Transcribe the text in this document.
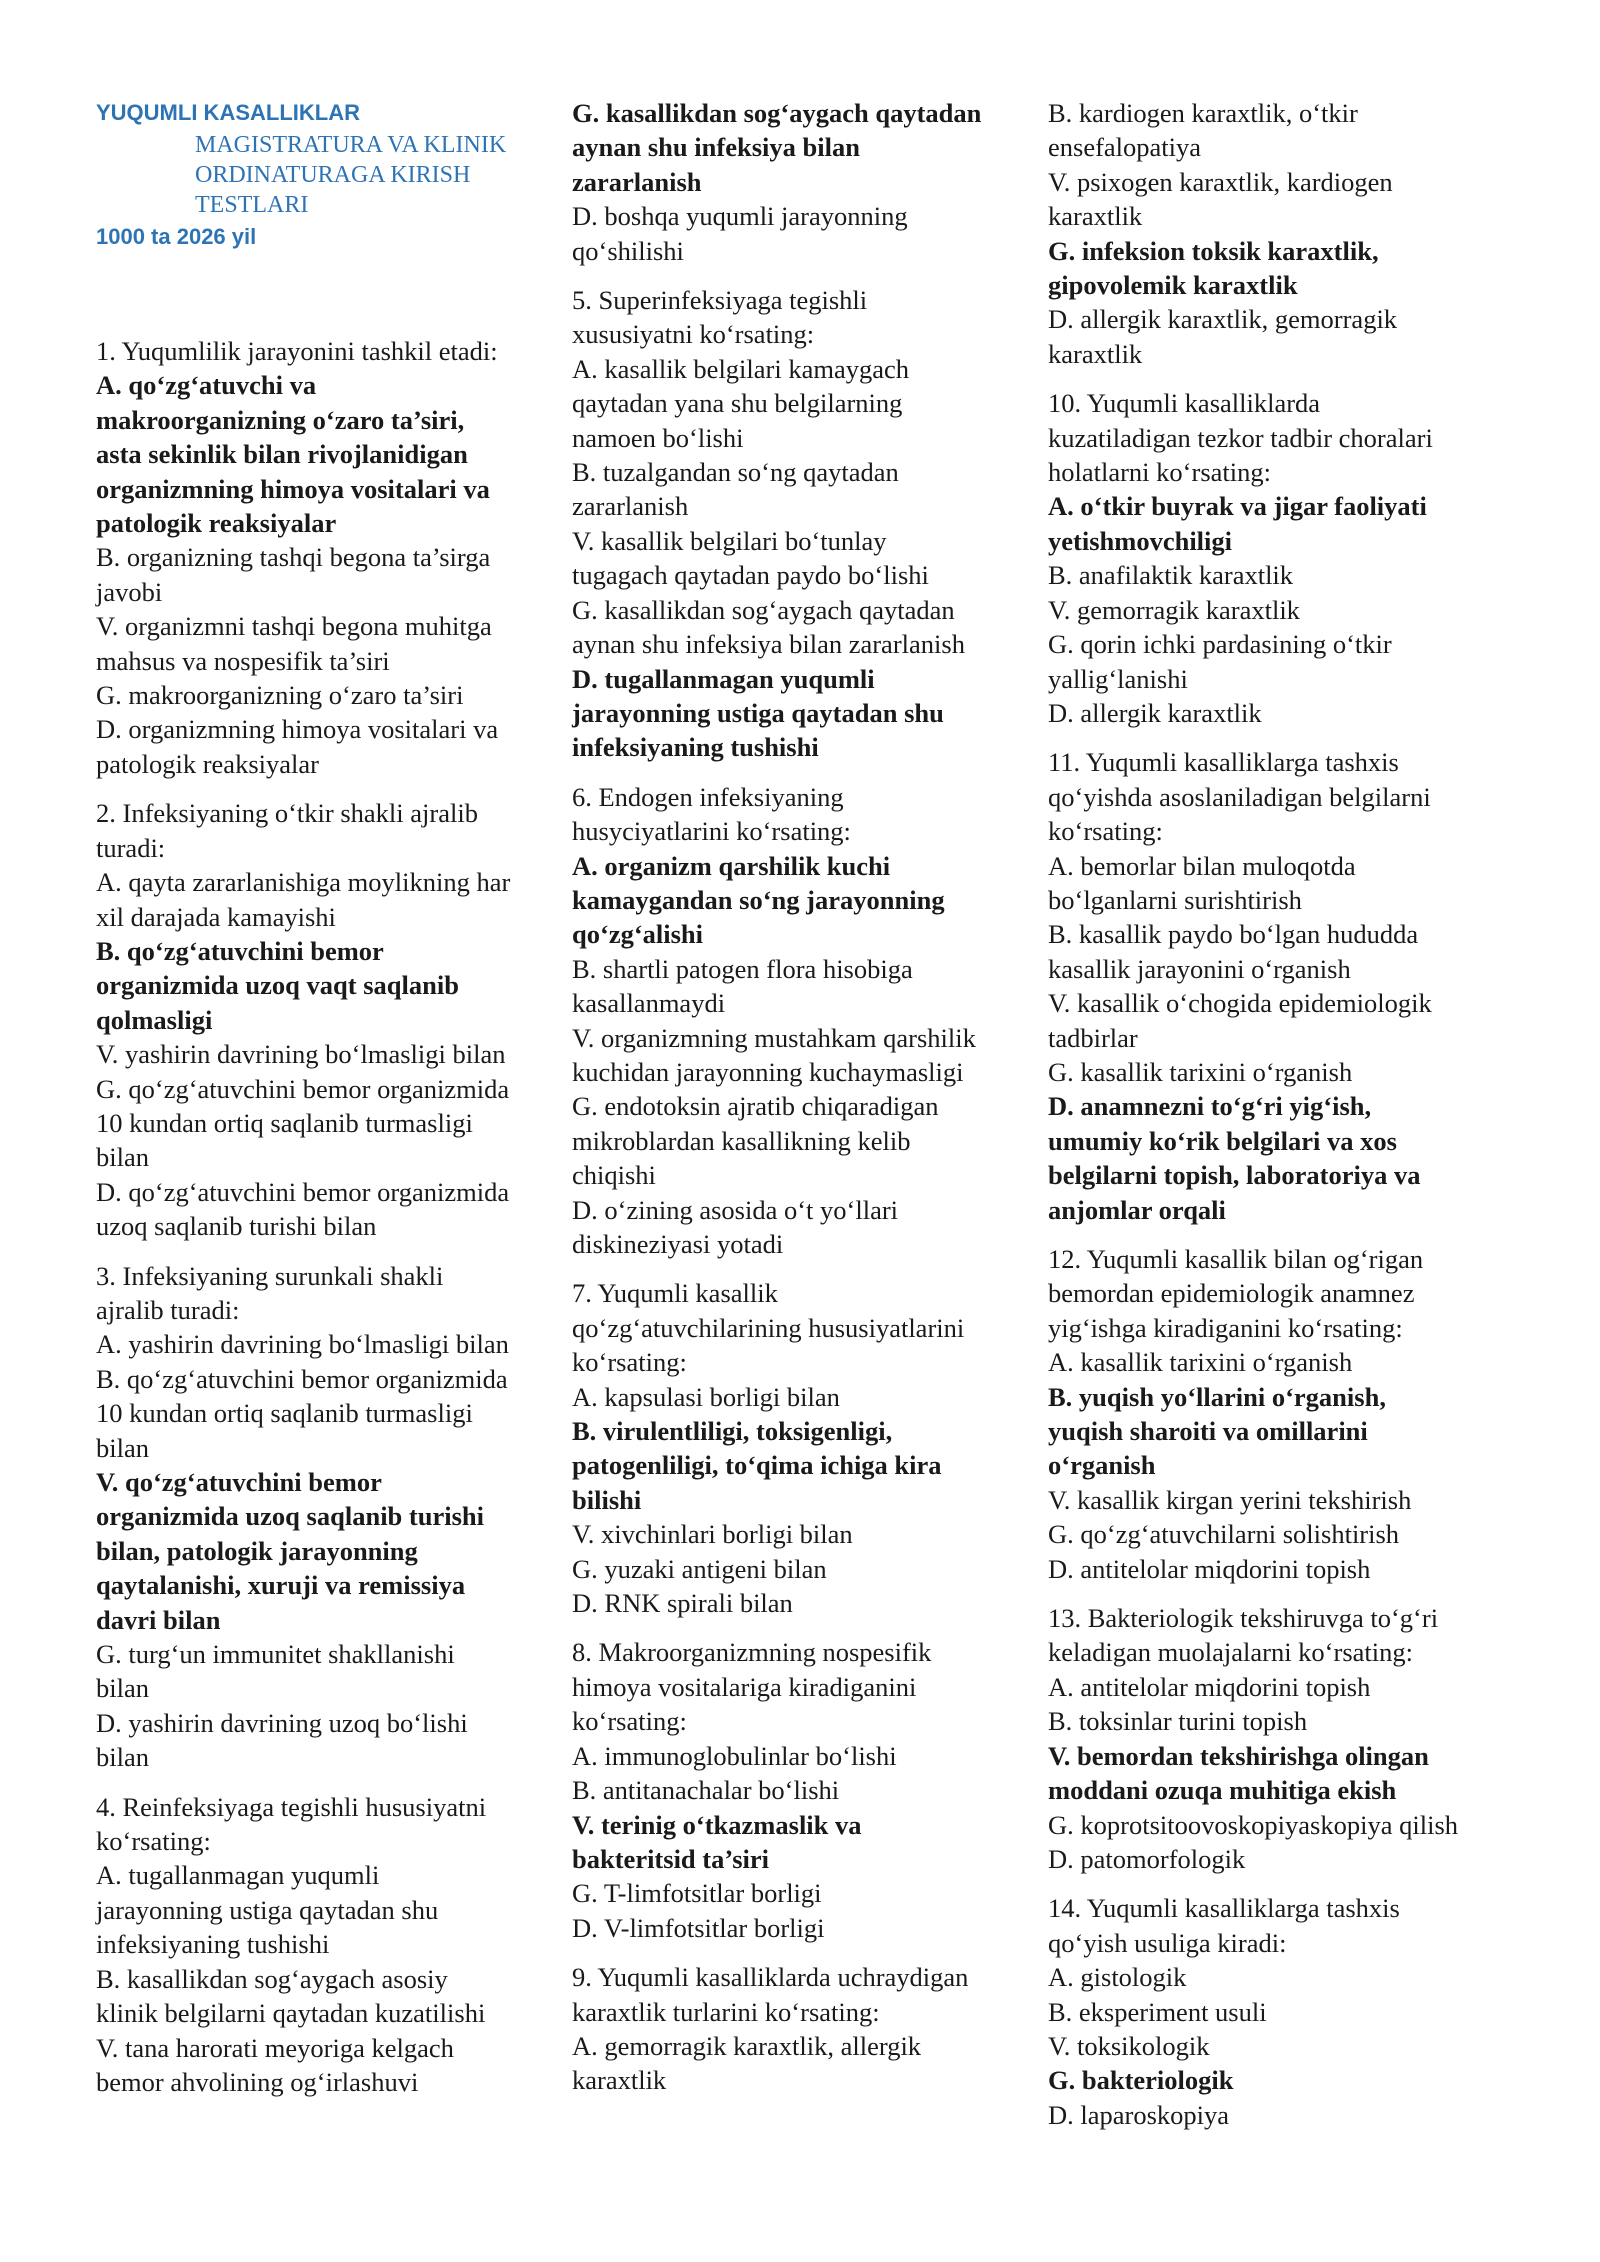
YUQUMLI KASALLIKLAR
MAGISTRATURA VA KLINIK
ORDINATURAGA KIRISH
TESTLARI
1000 ta 2026 yil
1. Yuqumlilik jarayonini tashkil etadi:
A. qo‘zg‘atuvchi va
makroorganizning o‘zaro ta’siri,
asta sekinlik bilan rivojlanidigan
organizmning himoya vositalari va
patologik reaksiyalar
B. organizning tashqi begona ta’sirga
javobi
V. organizmni tashqi begona muhitga
mahsus va nospesifik ta’siri
G. makroorganizning o‘zaro ta’siri
D. organizmning himoya vositalari va
patologik reaksiyalar
2. Infeksiyaning o‘tkir shakli ajralib
turadi:
A. qayta zararlanishiga moylikning har
xil darajada kamayishi
B. qo‘zg‘atuvchini bemor
organizmida uzoq vaqt saqlanib
qolmasligi
V. yashirin davrining bo‘lmasligi bilan
G. qo‘zg‘atuvchini bemor organizmida
10 kundan ortiq saqlanib turmasligi
bilan
D. qo‘zg‘atuvchini bemor organizmida
uzoq saqlanib turishi bilan
3. Infeksiyaning surunkali shakli
ajralib turadi:
A. yashirin davrining bo‘lmasligi bilan
B. qo‘zg‘atuvchini bemor organizmida
10 kundan ortiq saqlanib turmasligi
bilan
V. qo‘zg‘atuvchini bemor
organizmida uzoq saqlanib turishi
bilan, patologik jarayonning
qaytalanishi, xuruji va remissiya
davri bilan
G. turg‘un immunitet shakllanishi
bilan
D. yashirin davrining uzoq bo‘lishi
bilan
4. Reinfeksiyaga tegishli hususiyatni
ko‘rsating:
A. tugallanmagan yuqumli
jarayonning ustiga qaytadan shu
infeksiyaning tushishi
B. kasallikdan sog‘aygach asosiy
klinik belgilarni qaytadan kuzatilishi
V. tana harorati meyoriga kelgach
bemor ahvolining og‘irlashuvi
G. kasallikdan sog‘aygach qaytadan
aynan shu infeksiya bilan
zararlanish
D. boshqa yuqumli jarayonning
qo‘shilishi
5. Superinfeksiyaga tegishli
xususiyatni ko‘rsating:
A. kasallik belgilari kamaygach
qaytadan yana shu belgilarning
namoen bo‘lishi
B. tuzalgandan so‘ng qaytadan
zararlanish
V. kasallik belgilari bo‘tunlay
tugagach qaytadan paydo bo‘lishi
G. kasallikdan sog‘aygach qaytadan
aynan shu infeksiya bilan zararlanish
D. tugallanmagan yuqumli
jarayonning ustiga qaytadan shu
infeksiyaning tushishi
6. Endogen infeksiyaning
husусiyatlarini ko‘rsating:
A. organizm qarshilik kuchi
kamaygandan so‘ng jarayonning
qo‘zg‘alishi
B. shartli patogen flora hisobiga
kasallanmaydi
V. organizmning mustahkam qarshilik
kuchidan jarayonning kuchaymasligi
G. endotoksin ajratib chiqaradigan
mikroblardan kasallikning kelib
chiqishi
D. o‘zining asosida o‘t yo‘llari
diskineziyasi yotadi
7. Yuqumli kasallik
qo‘zg‘atuvchilarining hususiyatlarini
ko‘rsating:
A. kapsulasi borligi bilan
B. virulentliligi, toksigenligi,
patogenliligi, to‘qima ichiga kira
bilishi
V. xivchinlari borligi bilan
G. yuzaki antigeni bilan
D. RNK spirali bilan
8. Makroorganizmning nospesifik
himoya vositalariga kiradiganini
ko‘rsating:
A. immunoglobulinlar bo‘lishi
B. antitanachalar bo‘lishi
V. terinig o‘tkazmaslik va
bakteritsid ta’siri
G. T-limfotsitlar borligi
D. V-limfotsitlar borligi
9. Yuqumli kasalliklarda uchraydigan
karaxtlik turlarini ko‘rsating:
A. gemorragik karaxtlik, allergik
karaxtlik
B. kardiogen karaxtlik, o‘tkir
ensefalopatiya
V. psixogen karaxtlik, kardiogen
karaxtlik
G. infeksion toksik karaxtlik,
gipovolemik karaxtlik
D. allergik karaxtlik, gemorragik
karaxtlik
10. Yuqumli kasalliklarda
kuzatiladigan tezkor tadbir choralari
holatlarni ko‘rsating:
A. o‘tkir buyrak va jigar faoliyati
yetishmovchiligi
B. anafilaktik karaxtlik
V. gemorragik karaxtlik
G. qorin ichki pardasining o‘tkir
yallig‘lanishi
D. allergik karaxtlik
11. Yuqumli kasalliklarga tashxis
qo‘yishda asoslaniladigan belgilarni
ko‘rsating:
A. bemorlar bilan muloqotda
bo‘lganlarni surishtirish
B. kasallik paydo bo‘lgan hududda
kasallik jarayonini o‘rganish
V. kasallik o‘chogida epidemiologik
tadbirlar
G. kasallik tarixini o‘rganish
D. anamnezni to‘g‘ri yig‘ish,
umumiy ko‘rik belgilari va xos
belgilarni topish, laboratoriya va
anjomlar orqali
12. Yuqumli kasallik bilan og‘rigan
bemordan epidemiologik anamnez
yig‘ishga kiradiganini ko‘rsating:
A. kasallik tarixini o‘rganish
B. yuqish yo‘llarini o‘rganish,
yuqish sharoiti va omillarini
o‘rganish
V. kasallik kirgan yerini tekshirish
G. qo‘zg‘atuvchilarni solishtirish
D. antitelolar miqdorini topish
13. Bakteriologik tekshiruvga to‘g‘ri
keladigan muolajalarni ko‘rsating:
A. antitelolar miqdorini topish
B. toksinlar turini topish
V. bemordan tekshirishga olingan
moddani ozuqa muhitiga ekish
G. koprotsitoovoskopiyaskopiya qilish
D. patomorfologik
14. Yuqumli kasalliklarga tashxis
qo‘yish usuliga kiradi:
A. gistologik
B. eksperiment usuli
V. toksikologik
G. bakteriologik
D. laparoskopiya
